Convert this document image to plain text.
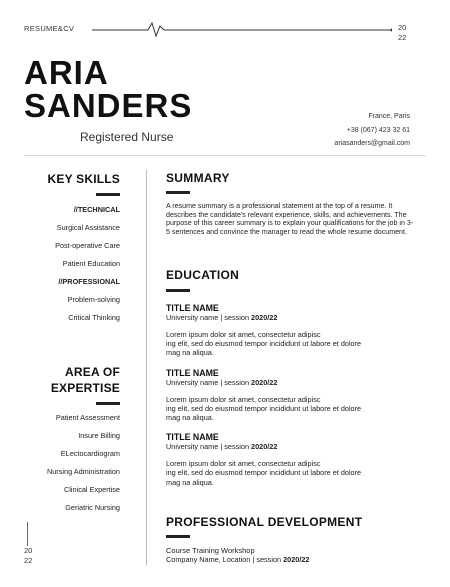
RESUME&CV	20
22
ARIA
SANDERS
Registered Nurse
France, Paris
+38 (067) 423 32 61
ariasanders@gmail.com
KEY SKILLS
//TECHNICAL
Surgical Assistance
Post-operative Care
Patient Education
//PROFESSIONAL
Problem-solving
Critical Thinking
AREA OF
EXPERTISE
Patient Assessment
Insure Billing
ELectocardiogram
Nursing Administration
Clinical Expertise
Geriatric Nursing
20
22
SUMMARY
A resume summary is a professional statement at the top of a resume. It describes the candidate's relevant experience, skills, and achievements. The purpose of this career summary is to explain your qualifications for the job in 3-5 sentences and convince the manager to read the whole resume document.
EDUCATION
TITLE NAME
University name | session 2020/22
Lorem ipsum dolor sit amet, consectetur adipisc
ing elit, sed do eiusmod tempor incididunt ut labore et dolore
mag na aliqua.
TITLE NAME
University name | session 2020/22
Lorem ipsum dolor sit amet, consectetur adipisc
ing elit, sed do eiusmod tempor incididunt ut labore et dolore
mag na aliqua.
TITLE NAME
University name | session 2020/22
Lorem ipsum dolor sit amet, consectetur adipisc
ing elit, sed do eiusmod tempor incididunt ut labore et dolore
mag na aliqua.
PROFESSIONAL DEVELOPMENT
Course Training Workshop
Company Name, Location | session 2020/22
